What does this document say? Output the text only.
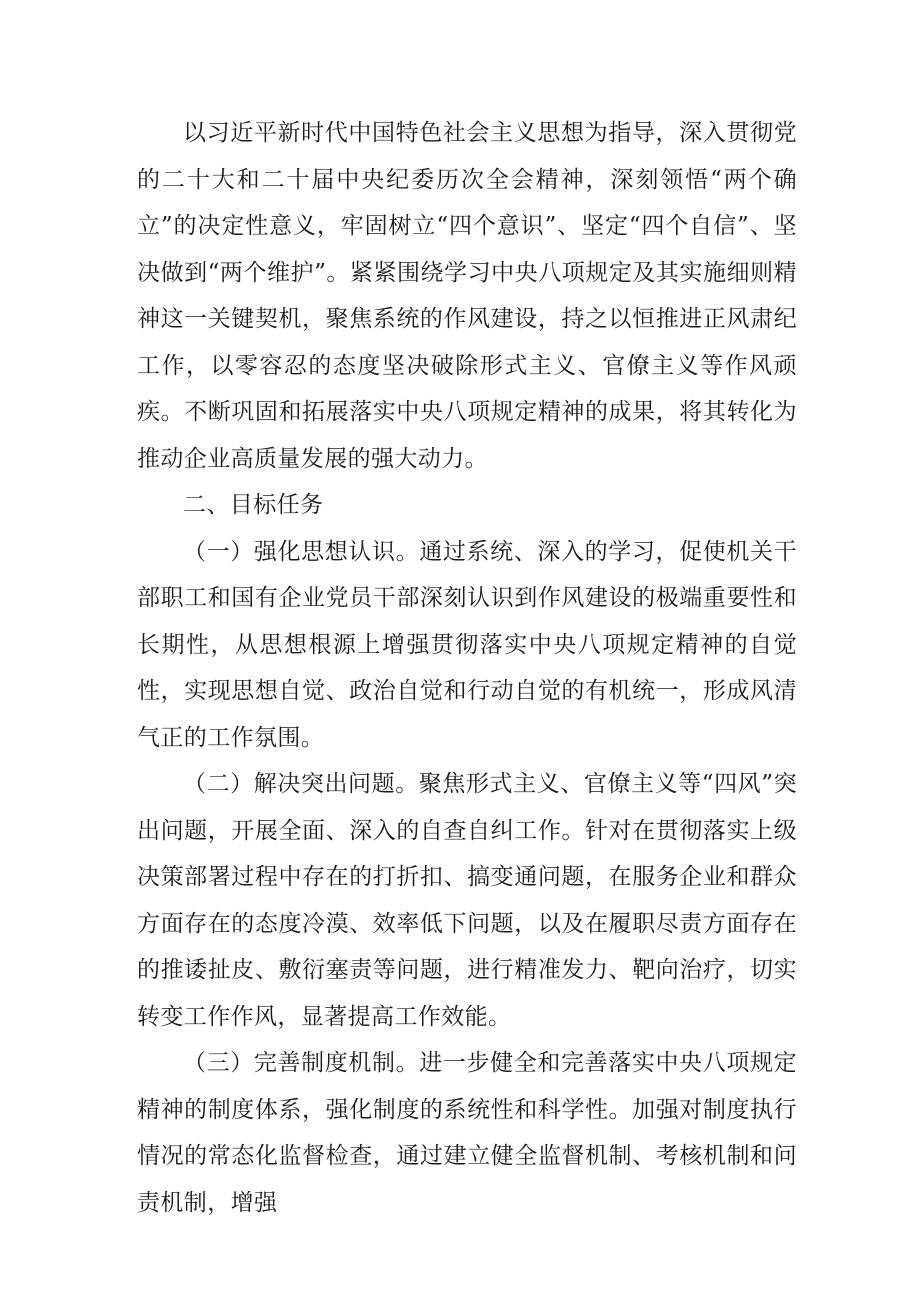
以习近平新时代中国特色社会主义思想为指导，深入贯彻党的二十大和二十届中央纪委历次全会精神，深刻领悟“两个确立”的决定性意义，牢固树立“四个意识”、坚定“四个自信”、坚决做到“两个维护”。紧紧围绕学习中央八项规定及其实施细则精神这一关键契机，聚焦系统的作风建设，持之以恒推进正风肃纪工作，以零容忍的态度坚决破除形式主义、官僚主义等作风顽疾。不断巩固和拓展落实中央八项规定精神的成果，将其转化为推动企业高质量发展的强大动力。

二、目标任务

（一）强化思想认识。通过系统、深入的学习，促使机关干部职工和国有企业党员干部深刻认识到作风建设的极端重要性和长期性，从思想根源上增强贯彻落实中央八项规定精神的自觉性，实现思想自觉、政治自觉和行动自觉的有机统一，形成风清气正的工作氛围。

（二）解决突出问题。聚焦形式主义、官僚主义等“四风”突出问题，开展全面、深入的自查自纠工作。针对在贯彻落实上级决策部署过程中存在的打折扣、搞变通问题，在服务企业和群众方面存在的态度冷漠、效率低下问题，以及在履职尽责方面存在的推诿扯皮、敷衍塞责等问题，进行精准发力、靶向治疗，切实转变工作作风，显著提高工作效能。

（三）完善制度机制。进一步健全和完善落实中央八项规定精神的制度体系，强化制度的系统性和科学性。加强对制度执行情况的常态化监督检查，通过建立健全监督机制、考核机制和问责机制，增强
